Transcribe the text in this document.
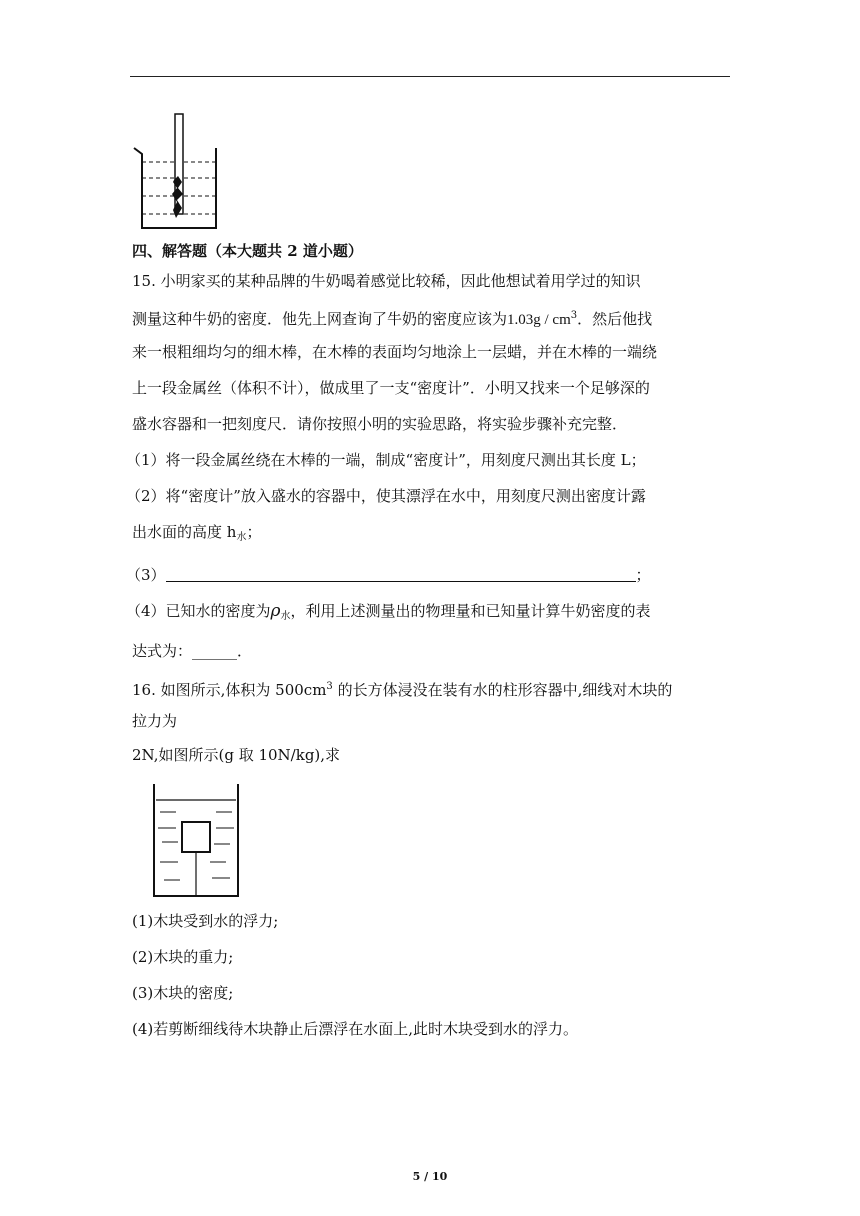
四、解答题（本大题共 2 道小题）
15. 小明家买的某种品牌的牛奶喝着感觉比较稀，因此他想试着用学过的知识
测量这种牛奶的密度．他先上网查询了牛奶的密度应该为$1.03g / cm^3$．然后他找
来一根粗细均匀的细木棒，在木棒的表面均匀地涂上一层蜡，并在木棒的一端绕
上一段金属丝（体积不计），做成里了一支“密度计”．小明又找来一个足够深的
盛水容器和一把刻度尺．请你按照小明的实验思路，将实验步骤补充完整．
（1）将一段金属丝绕在木棒的一端，制成“密度计”，用刻度尺测出其长度 L；
（2）将“密度计”放入盛水的容器中，使其漂浮在水中，用刻度尺测出密度计露
出水面的高度 $h_水$；
（3）	；
（4）已知水的密度为$\rho_水$，利用上述测量出的物理量和已知量计算牛奶密度的表
达式为：______．
16. 如图所示,体积为 $500cm^3$ 的长方体浸没在装有水的柱形容器中,细线对木块的
拉力为
2N,如图所示(g 取 10N/kg),求
(1)木块受到水的浮力;
(2)木块的重力;
(3)木块的密度;
(4)若剪断细线待木块静止后漂浮在水面上,此时木块受到水的浮力。
5 / 10
